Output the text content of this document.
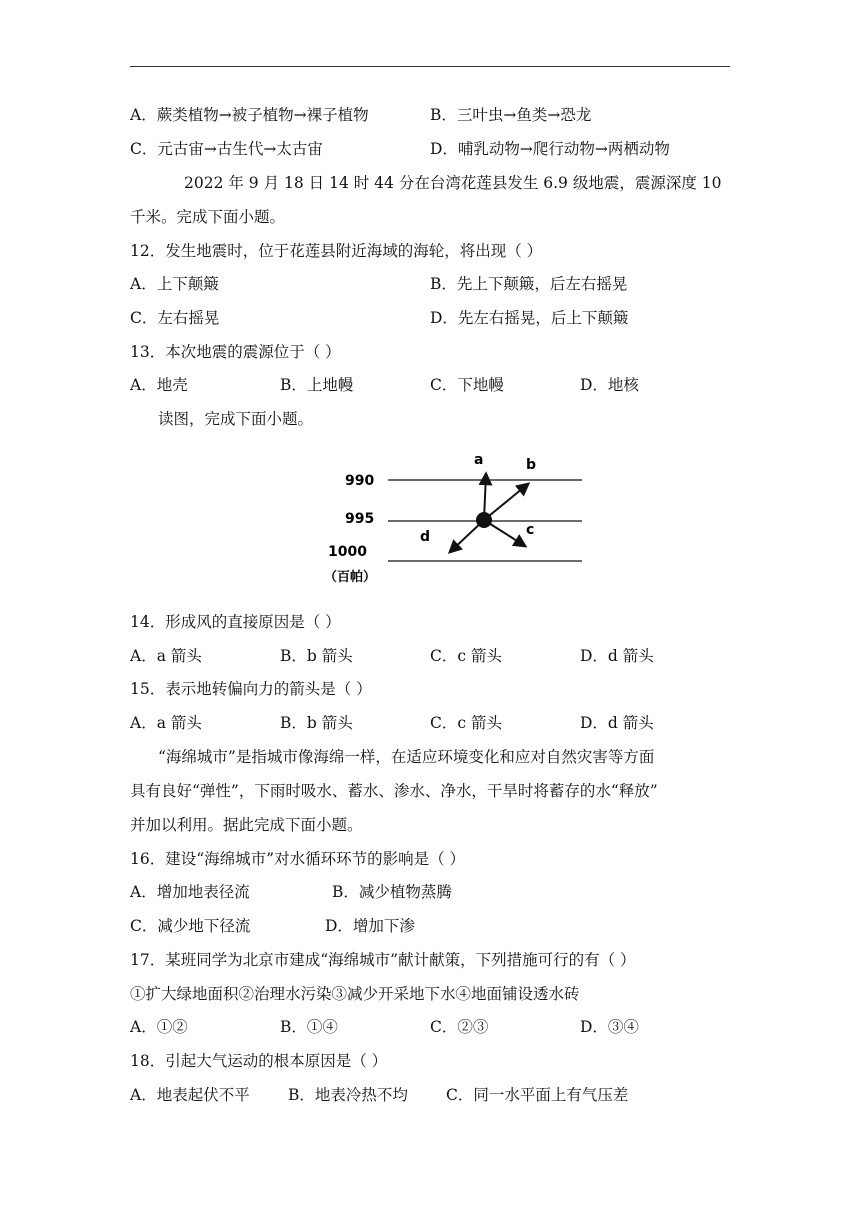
A．蕨类植物→被子植物→裸子植物	B．三叶虫→鱼类→恐龙
C．元古宙→古生代→太古宙	D．哺乳动物→爬行动物→两栖动物
2022 年 9 月 18 日 14 时 44 分在台湾花莲县发生 6.9 级地震，震源深度 10
千米。完成下面小题。
12．发生地震时，位于花莲县附近海域的海轮，将出现（ ）
A．上下颠簸	B．先上下颠簸，后左右摇晃
C．左右摇晃	D．先左右摇晃，后上下颠簸
13．本次地震的震源位于（ ）
A．地壳	B．上地幔	C．下地幔	D．地核
读图，完成下面小题。
990
995
1000
（百帕）
a	b
c
d
14．形成风的直接原因是（ ）
A．a 箭头	B．b 箭头	C．c 箭头	D．d 箭头
15．表示地转偏向力的箭头是（ ）
A．a 箭头	B．b 箭头	C．c 箭头	D．d 箭头
“海绵城市”是指城市像海绵一样，在适应环境变化和应对自然灾害等方面
具有良好“弹性”，下雨时吸水、蓄水、渗水、净水，干旱时将蓄存的水“释放”
并加以利用。据此完成下面小题。
16．建设“海绵城市”对水循环环节的影响是（ ）
A．增加地表径流	B．减少植物蒸腾
C．减少地下径流	D．增加下渗
17．某班同学为北京市建成“海绵城市”献计献策，下列措施可行的有（ ）
①扩大绿地面积②治理水污染③减少开采地下水④地面铺设透水砖
A．①②	B．①④	C．②③	D．③④
18．引起大气运动的根本原因是（ ）
A．地表起伏不平 B．地表冷热不均 C．同一水平面上有气压差
